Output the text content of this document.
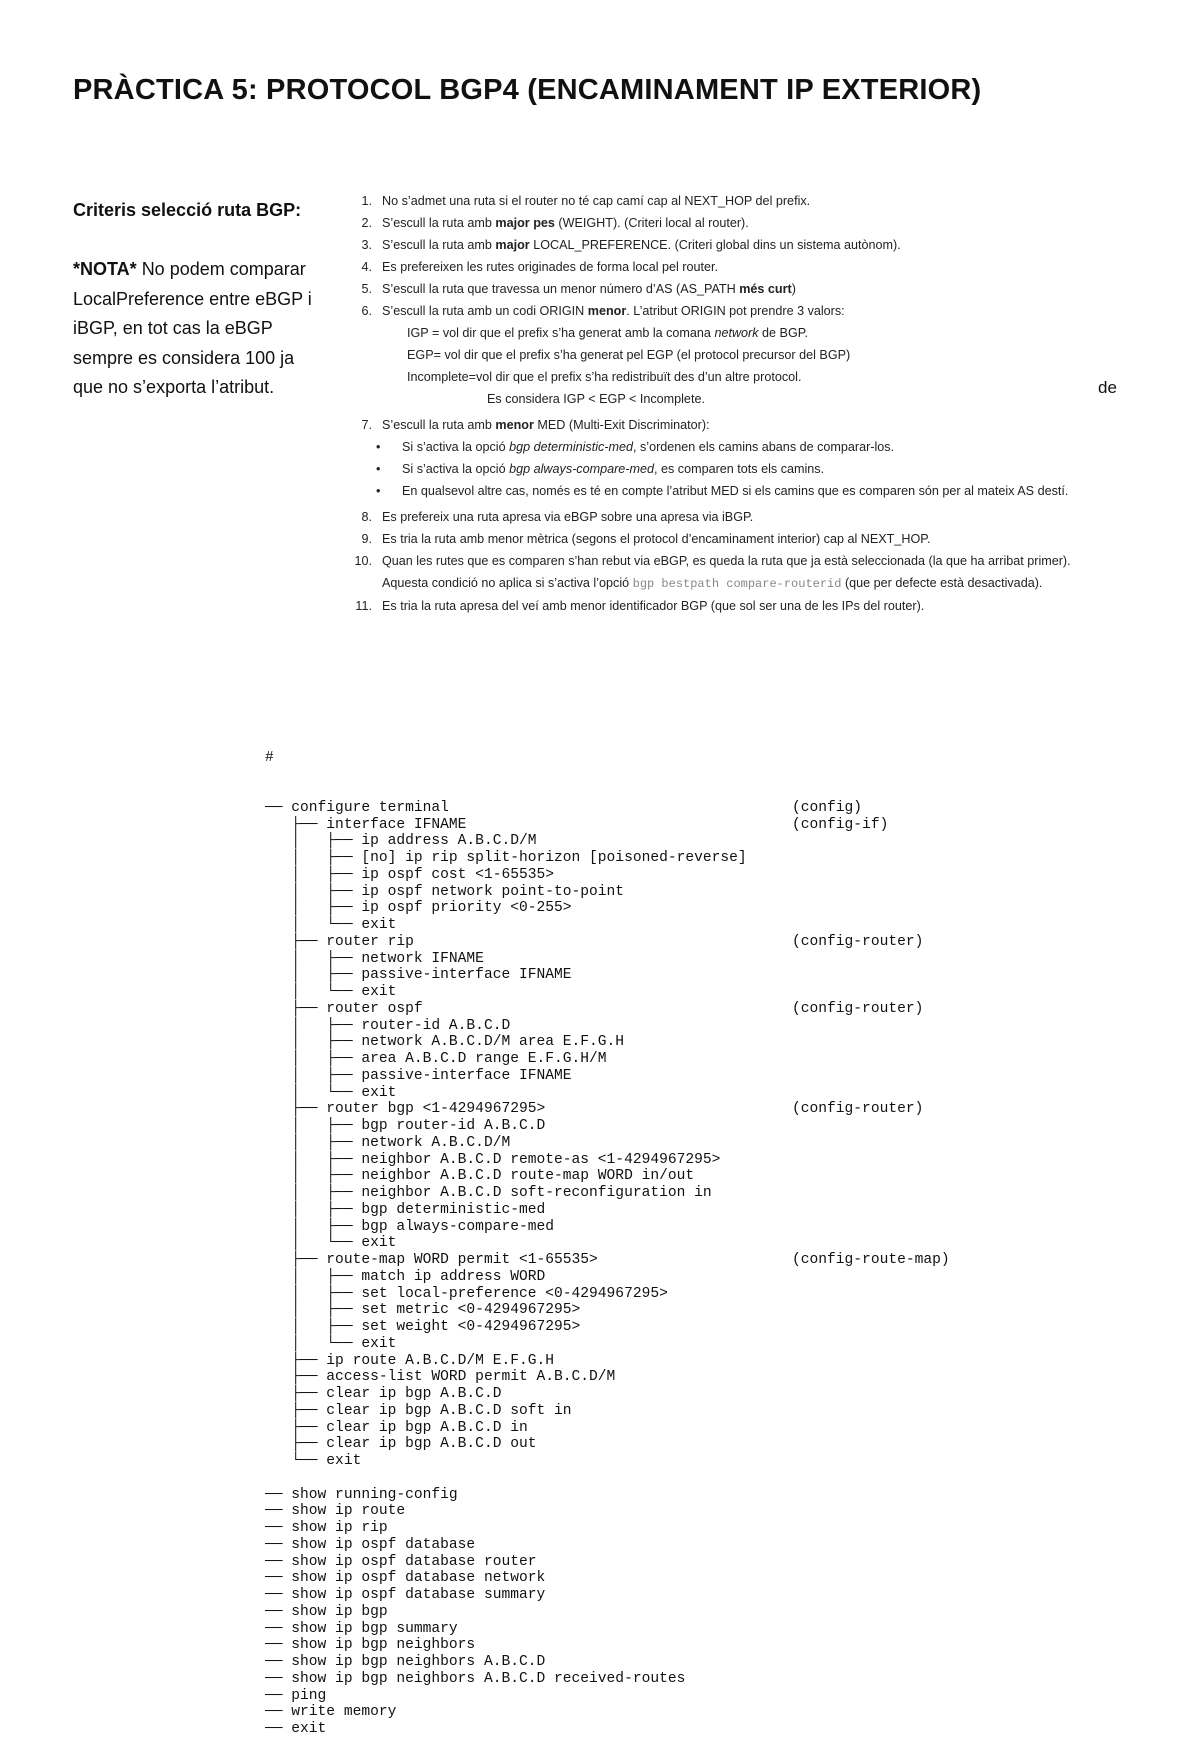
PRÀCTICA 5: PROTOCOL BGP4 (ENCAMINAMENT IP EXTERIOR)
Criteris selecció ruta BGP:
*NOTA* No podem comparar LocalPreference entre eBGP i iBGP, en tot cas la eBGP sempre es considera 100 ja que no s’exporta l’atribut.	de
1. No s’admet una ruta si el router no té cap camí cap al NEXT_HOP del prefix.
2. S’escull la ruta amb major pes (WEIGHT). (Criteri local al router).
3. S’escull la ruta amb major LOCAL_PREFERENCE. (Criteri global dins un sistema autònom).
4. Es prefereixen les rutes originades de forma local pel router.
5. S’escull la ruta que travessa un menor número d’AS (AS_PATH més curt)
6. S’escull la ruta amb un codi ORIGIN menor. L’atribut ORIGIN pot prendre 3 valors:
IGP = vol dir que el prefix s’ha generat amb la comana network de BGP.
EGP= vol dir que el prefix s’ha generat pel EGP (el protocol precursor del BGP)
Incomplete=vol dir que el prefix s’ha redistribuït des d’un altre protocol.
Es considera IGP < EGP < Incomplete.
7. S’escull la ruta amb menor MED (Multi-Exit Discriminator):
• Si s’activa la opció bgp deterministic-med, s’ordenen els camins abans de comparar-los.
• Si s’activa la opció bgp always-compare-med, es comparen tots els camins.
• En qualsevol altre cas, només es té en compte l’atribut MED si els camins que es comparen són per al mateix AS destí.
8. Es prefereix una ruta apresa via eBGP sobre una apresa via iBGP.
9. Es tria la ruta amb menor mètrica (segons el protocol d’encaminament interior) cap al NEXT_HOP.
10. Quan les rutes que es comparen s’han rebut via eBGP, es queda la ruta que ja està seleccionada (la que ha arribat primer). Aquesta condició no aplica si s’activa l’opció bgp bestpath compare-routerid (que per defecte està desactivada).
11. Es tria la ruta apresa del veí amb menor identificador BGP (que sol ser una de les IPs del router).

#

── configure terminal	(config)
├── interface IFNAME	(config-if)
│   ├── ip address A.B.C.D/M
│   ├── [no] ip rip split-horizon [poisoned-reverse]
│   ├── ip ospf cost <1-65535>
│   ├── ip ospf network point-to-point
│   ├── ip ospf priority <0-255>
│   └── exit
├── router rip	(config-router)
│   ├── network IFNAME
│   ├── passive-interface IFNAME
│   └── exit
├── router ospf	(config-router)
│   ├── router-id A.B.C.D
│   ├── network A.B.C.D/M area E.F.G.H
│   ├── area A.B.C.D range E.F.G.H/M
│   ├── passive-interface IFNAME
│   └── exit
├── router bgp <1-4294967295>	(config-router)
│   ├── bgp router-id A.B.C.D
│   ├── network A.B.C.D/M
│   ├── neighbor A.B.C.D remote-as <1-4294967295>
│   ├── neighbor A.B.C.D route-map WORD in/out
│   ├── neighbor A.B.C.D soft-reconfiguration in
│   ├── bgp deterministic-med
│   ├── bgp always-compare-med
│   └── exit
├── route-map WORD permit <1-65535>	(config-route-map)
│   ├── match ip address WORD
│   ├── set local-preference <0-4294967295>
│   ├── set metric <0-4294967295>
│   ├── set weight <0-4294967295>
│   └── exit
├── ip route A.B.C.D/M E.F.G.H
├── access-list WORD permit A.B.C.D/M
├── clear ip bgp A.B.C.D
├── clear ip bgp A.B.C.D soft in
├── clear ip bgp A.B.C.D in
├── clear ip bgp A.B.C.D out
└── exit
── show running-config
── show ip route
── show ip rip
── show ip ospf database
── show ip ospf database router
── show ip ospf database network
── show ip ospf database summary
── show ip bgp
── show ip bgp summary
── show ip bgp neighbors
── show ip bgp neighbors A.B.C.D
── show ip bgp neighbors A.B.C.D received-routes
── ping
── write memory
── exit
